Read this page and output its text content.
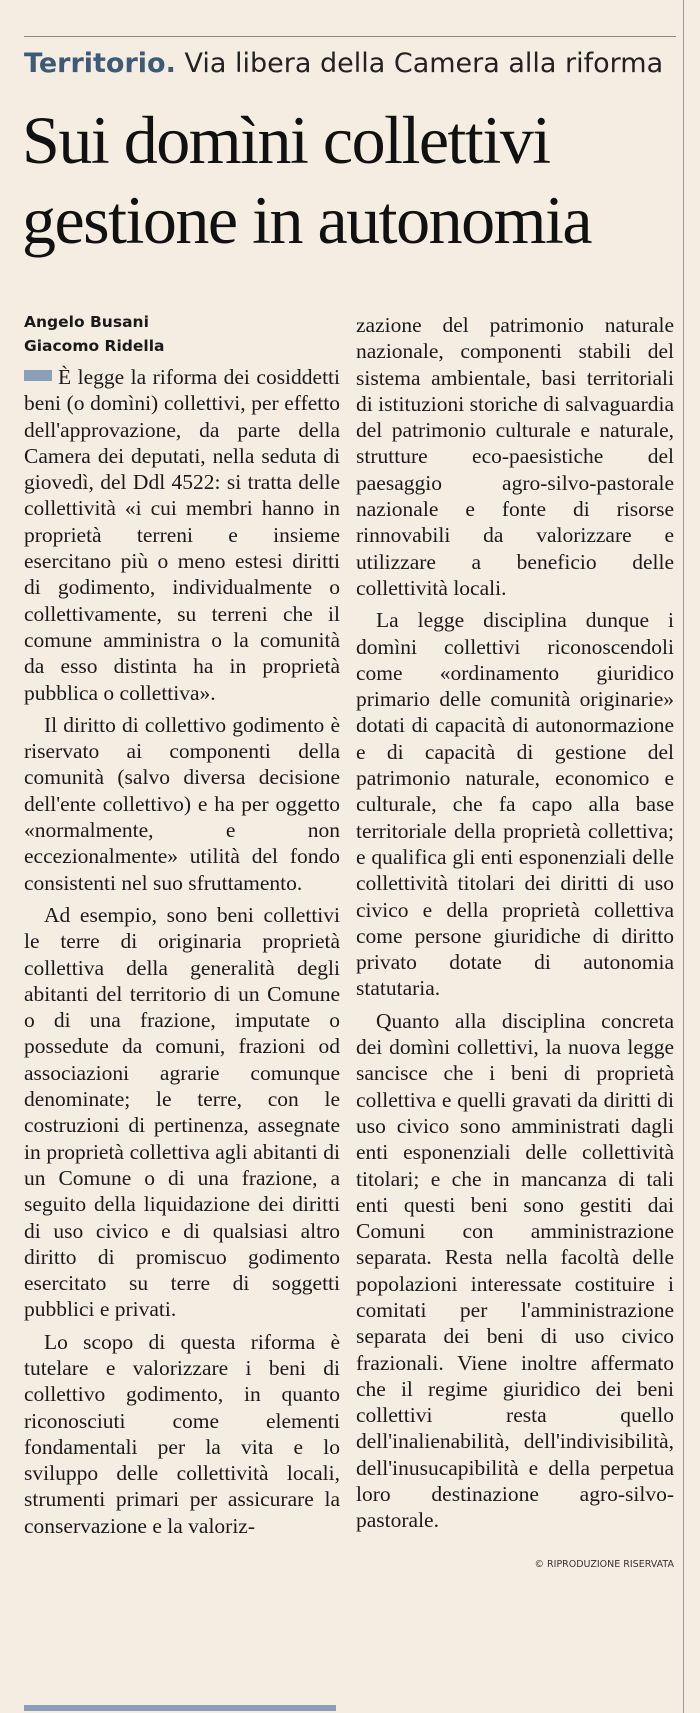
Territorio. Via libera della Camera alla riforma
Sui domìni collettivi
gestione in autonomia
Angelo Busani
Giacomo Ridella

È legge la riforma dei cosiddetti beni (o domìni) collettivi, per effetto dell'approvazione, da parte della Camera dei deputati, nella seduta di giovedì, del Ddl 4522: si tratta delle collettività «i cui membri hanno in proprietà terreni e insieme esercitano più o meno estesi diritti di godimento, individualmente o collettivamente, su terreni che il comune amministra o la comunità da esso distinta ha in proprietà pubblica o collettiva».

Il diritto di collettivo godimento è riservato ai componenti della comunità (salvo diversa decisione dell'ente collettivo) e ha per oggetto «normalmente, e non eccezionalmente» utilità del fondo consistenti nel suo sfruttamento.

Ad esempio, sono beni collettivi le terre di originaria proprietà collettiva della generalità degli abitanti del territorio di un Comune o di una frazione, imputate o possedute da comuni, frazioni od associazioni agrarie comunque denominate; le terre, con le costruzioni di pertinenza, assegnate in proprietà collettiva agli abitanti di un Comune o di una frazione, a seguito della liquidazione dei diritti di uso civico e di qualsiasi altro diritto di promiscuo godimento esercitato su terre di soggetti pubblici e privati.

Lo scopo di questa riforma è tutelare e valorizzare i beni di collettivo godimento, in quanto riconosciuti come elementi fondamentali per la vita e lo sviluppo delle collettività locali, strumenti primari per assicurare la conservazione e la valoriz-

zazione del patrimonio naturale nazionale, componenti stabili del sistema ambientale, basi territoriali di istituzioni storiche di salvaguardia del patrimonio culturale e naturale, strutture eco-paesistiche del paesaggio agro-silvo-pastorale nazionale e fonte di risorse rinnovabili da valorizzare e utilizzare a beneficio delle collettività locali.

La legge disciplina dunque i domìni collettivi riconoscendoli come «ordinamento giuridico primario delle comunità originarie» dotati di capacità di autonormazione e di capacità di gestione del patrimonio naturale, economico e culturale, che fa capo alla base territoriale della proprietà collettiva; e qualifica gli enti esponenziali delle collettività titolari dei diritti di uso civico e della proprietà collettiva come persone giuridiche di diritto privato dotate di autonomia statutaria.

Quanto alla disciplina concreta dei domìni collettivi, la nuova legge sancisce che i beni di proprietà collettiva e quelli gravati da diritti di uso civico sono amministrati dagli enti esponenziali delle collettività titolari; e che in mancanza di tali enti questi beni sono gestiti dai Comuni con amministrazione separata. Resta nella facoltà delle popolazioni interessate costituire i comitati per l'amministrazione separata dei beni di uso civico frazionali. Viene inoltre affermato che il regime giuridico dei beni collettivi resta quello dell'inalienabilità, dell'indivisibilità, dell'inusucapibilità e della perpetua loro destinazione agro-silvo-pastorale.

© RIPRODUZIONE RISERVATA
